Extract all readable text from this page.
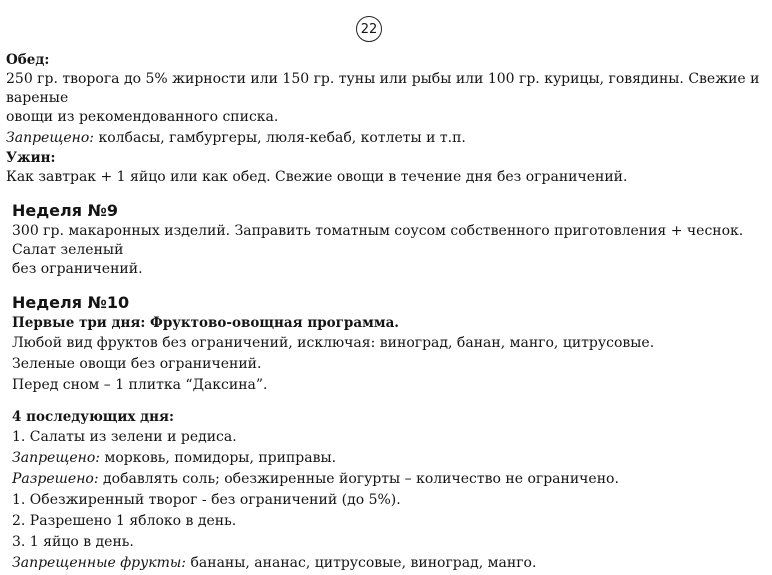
22
Обед:
250 гр. творога до 5% жирности или 150 гр. туны или рыбы или 100 гр. курицы, говядины. Свежие и вареные
овощи из рекомендованного списка.
Запрещено: колбасы, гамбургеры, люля-кебаб, котлеты и т.п.
Ужин:
Как завтрак + 1 яйцо или как обед. Свежие овощи в течение дня без ограничений.
Неделя №9
300 гр. макаронных изделий. Заправить томатным соусом собственного приготовления + чеснок. Салат зеленый
без ограничений.
Неделя №10
Первые три дня: Фруктово-овощная программа.
Любой вид фруктов без ограничений, исключая: виноград, банан, манго, цитрусовые.
Зеленые овощи без ограничений.
Перед сном – 1 плитка “Даксина”.
4 последующих дня:
1. Салаты из зелени и редиса.
Запрещено: морковь, помидоры, приправы.
Разрешено: добавлять соль; обезжиренные йогурты – количество не ограничено.
1. Обезжиренный творог - без ограничений (до 5%).
2. Разрешено 1 яблоко в день.
3. 1 яйцо в день.
Запрещенные фрукты: бананы, ананас, цитрусовые, виноград, манго.
